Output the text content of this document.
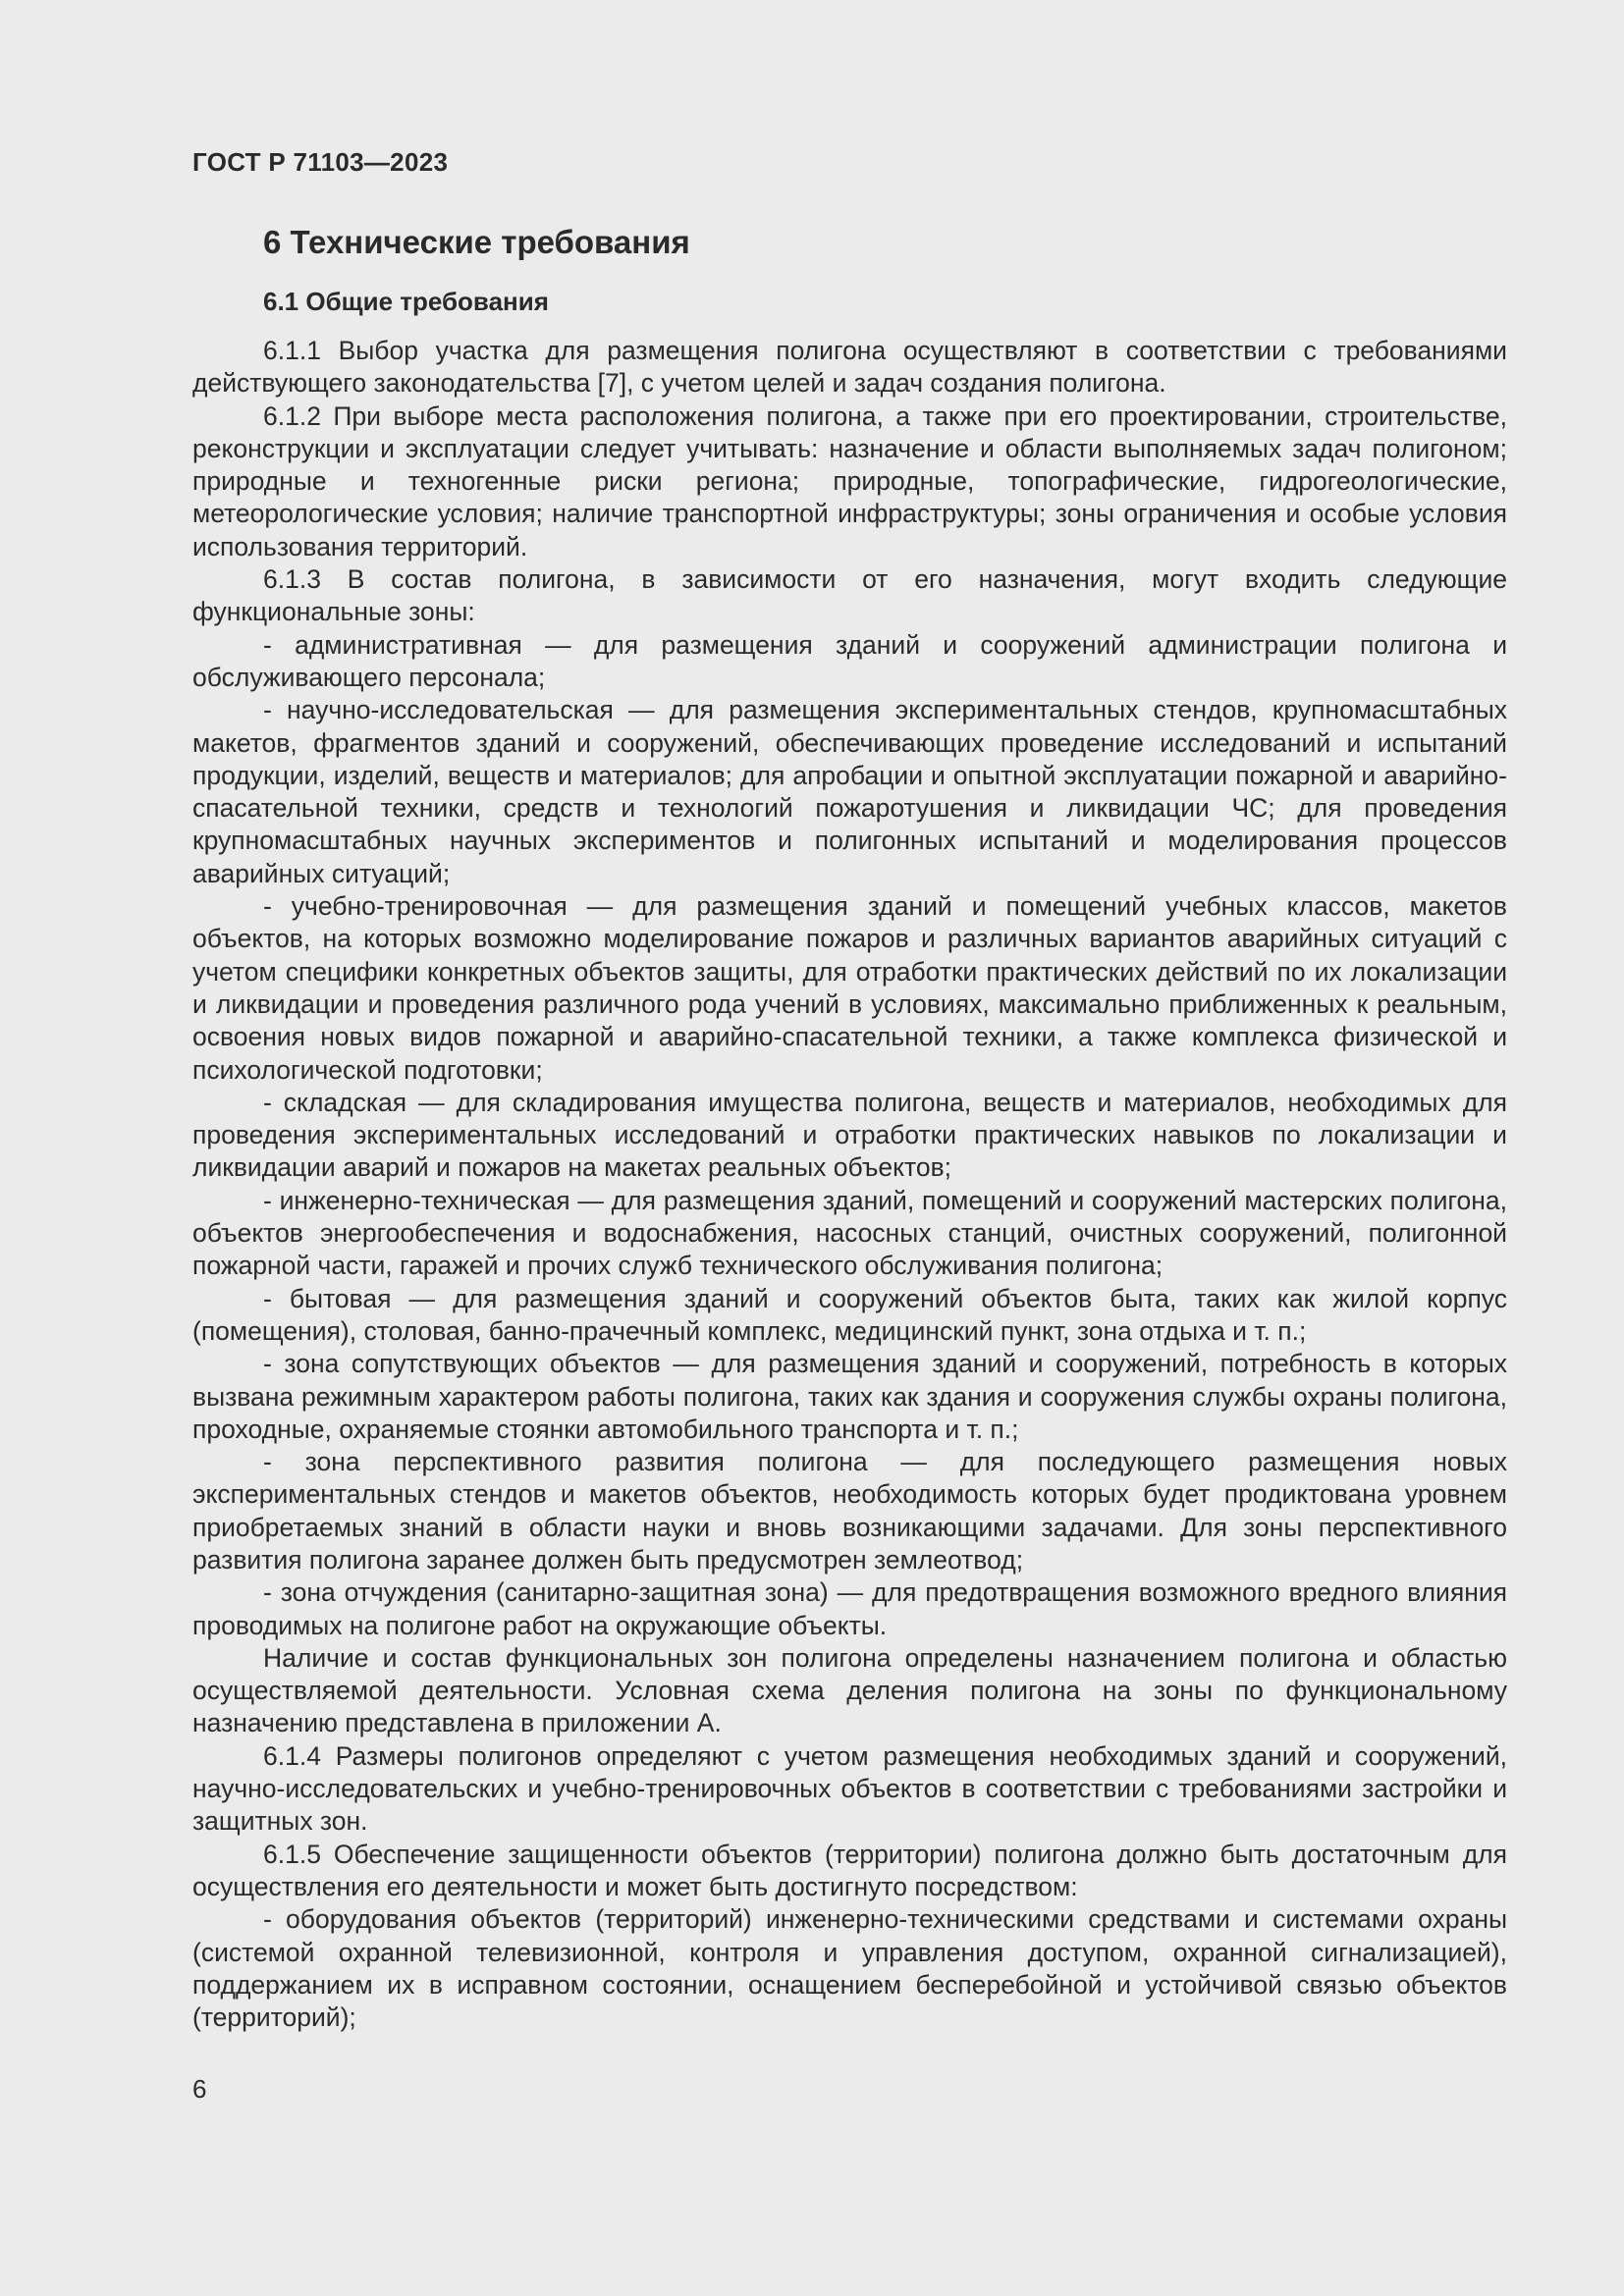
ГОСТ Р 71103—2023
6 Технические требования
6.1 Общие требования

6.1.1 Выбор участка для размещения полигона осуществляют в соответствии с требованиями действующего законодательства [7], с учетом целей и задач создания полигона.

6.1.2 При выборе места расположения полигона, а также при его проектировании, строительстве, реконструкции и эксплуатации следует учитывать: назначение и области выполняемых задач полигоном; природные и техногенные риски региона; природные, топографические, гидрогеологические, метеорологические условия; наличие транспортной инфраструктуры; зоны ограничения и особые условия использования территорий.

6.1.3 В состав полигона, в зависимости от его назначения, могут входить следующие функциональные зоны:

- административная — для размещения зданий и сооружений администрации полигона и обслуживающего персонала;

- научно-исследовательская — для размещения экспериментальных стендов, крупномасштабных макетов, фрагментов зданий и сооружений, обеспечивающих проведение исследований и испытаний продукции, изделий, веществ и материалов; для апробации и опытной эксплуатации пожарной и аварийно-спасательной техники, средств и технологий пожаротушения и ликвидации ЧС; для проведения крупномасштабных научных экспериментов и полигонных испытаний и моделирования процессов аварийных ситуаций;

- учебно-тренировочная — для размещения зданий и помещений учебных классов, макетов объектов, на которых возможно моделирование пожаров и различных вариантов аварийных ситуаций с учетом специфики конкретных объектов защиты, для отработки практических действий по их локализации и ликвидации и проведения различного рода учений в условиях, максимально приближенных к реальным, освоения новых видов пожарной и аварийно-спасательной техники, а также комплекса физической и психологической подготовки;

- складская — для складирования имущества полигона, веществ и материалов, необходимых для проведения экспериментальных исследований и отработки практических навыков по локализации и ликвидации аварий и пожаров на макетах реальных объектов;

- инженерно-техническая — для размещения зданий, помещений и сооружений мастерских полигона, объектов энергообеспечения и водоснабжения, насосных станций, очистных сооружений, полигонной пожарной части, гаражей и прочих служб технического обслуживания полигона;

- бытовая — для размещения зданий и сооружений объектов быта, таких как жилой корпус (помещения), столовая, банно-прачечный комплекс, медицинский пункт, зона отдыха и т. п.;

- зона сопутствующих объектов — для размещения зданий и сооружений, потребность в которых вызвана режимным характером работы полигона, таких как здания и сооружения службы охраны полигона, проходные, охраняемые стоянки автомобильного транспорта и т. п.;

- зона перспективного развития полигона — для последующего размещения новых экспериментальных стендов и макетов объектов, необходимость которых будет продиктована уровнем приобретаемых знаний в области науки и вновь возникающими задачами. Для зоны перспективного развития полигона заранее должен быть предусмотрен землеотвод;

- зона отчуждения (санитарно-защитная зона) — для предотвращения возможного вредного влияния проводимых на полигоне работ на окружающие объекты.

Наличие и состав функциональных зон полигона определены назначением полигона и областью осуществляемой деятельности. Условная схема деления полигона на зоны по функциональному назначению представлена в приложении А.

6.1.4 Размеры полигонов определяют с учетом размещения необходимых зданий и сооружений, научно-исследовательских и учебно-тренировочных объектов в соответствии с требованиями застройки и защитных зон.

6.1.5 Обеспечение защищенности объектов (территории) полигона должно быть достаточным для осуществления его деятельности и может быть достигнуто посредством:

- оборудования объектов (территорий) инженерно-техническими средствами и системами охраны (системой охранной телевизионной, контроля и управления доступом, охранной сигнализацией), поддержанием их в исправном состоянии, оснащением бесперебойной и устойчивой связью объектов (территорий);

6
